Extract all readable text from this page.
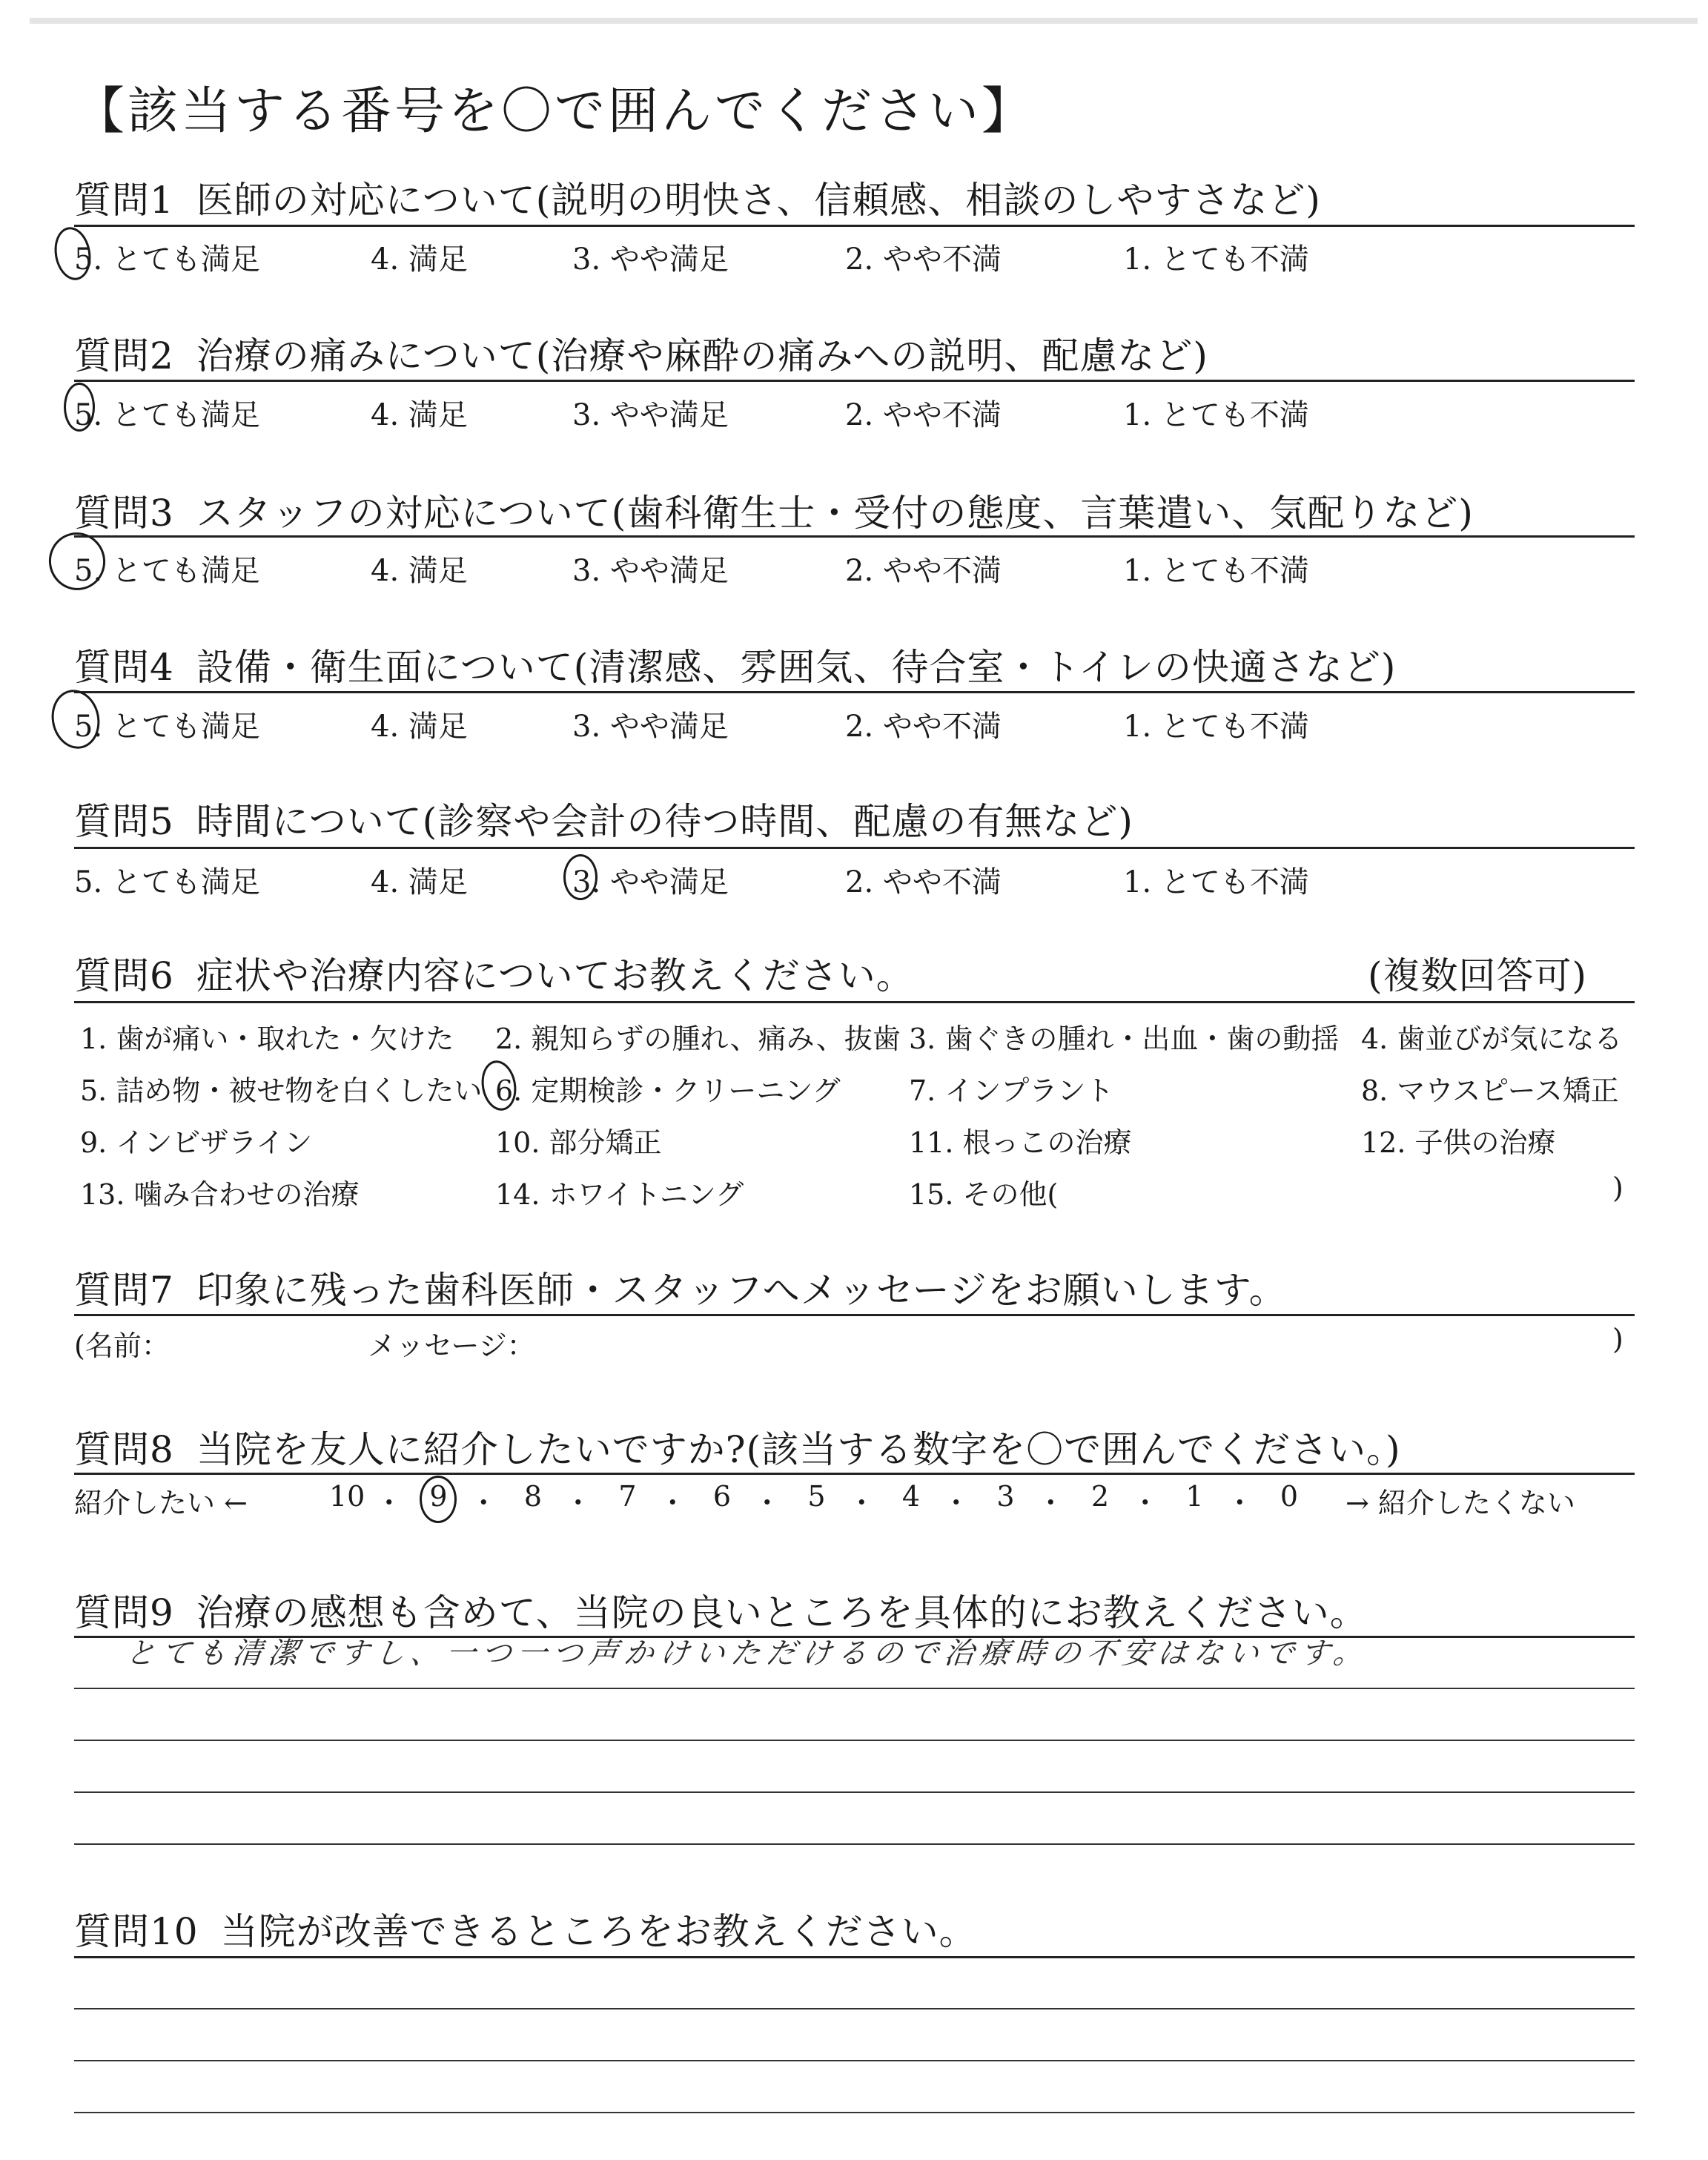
【該当する番号を〇で囲んでください】
質問1 医師の対応について(説明の明快さ、信頼感、相談のしやすさなど)
5. とても満足	4. 満足	3. やや満足	2. やや不満	1. とても不満
質問2 治療の痛みについて(治療や麻酔の痛みへの説明、配慮など)
5. とても満足	4. 満足	3. やや満足	2. やや不満	1. とても不満
質問3 スタッフの対応について(歯科衛生士・受付の態度、言葉遣い、気配りなど)
5. とても満足	4. 満足	3. やや満足	2. やや不満	1. とても不満
質問4 設備・衛生面について(清潔感、雰囲気、待合室・トイレの快適さなど)
5. とても満足	4. 満足	3. やや満足	2. やや不満	1. とても不満
質問5 時間について(診察や会計の待つ時間、配慮の有無など)
5. とても満足	4. 満足	3. やや満足	2. やや不満	1. とても不満
質問6 症状や治療内容についてお教えください。	(複数回答可)
1. 歯が痛い・取れた・欠けた 2. 親知らずの腫れ、痛み、抜歯 3. 歯ぐきの腫れ・出血・歯の動揺 4. 歯並びが気になる
5. 詰め物・被せ物を白くしたい 6. 定期検診・クリーニング 7. インプラント	8. マウスピース矯正
9. インビザライン	10. 部分矯正	11. 根っこの治療	12. 子供の治療
13. 噛み合わせの治療	14. ホワイトニング	15. その他(	)
質問7 印象に残った歯科医師・スタッフへメッセージをお願いします。
(名前：	メッセージ：	)
質問8 当院を友人に紹介したいですか?(該当する数字を〇で囲んでください。)
紹介したい ←	→ 紹介したくない
10 ・ 9 ・ 8 ・ 7 ・ 6 ・ 5 ・ 4 ・ 3 ・ 2 ・ 1 ・ 0
質問9 治療の感想も含めて、当院の良いところを具体的にお教えください。
とても清潔ですし、一つ一つ声かけいただけるので治療時の不安はないです。
質問10 当院が改善できるところをお教えください。
